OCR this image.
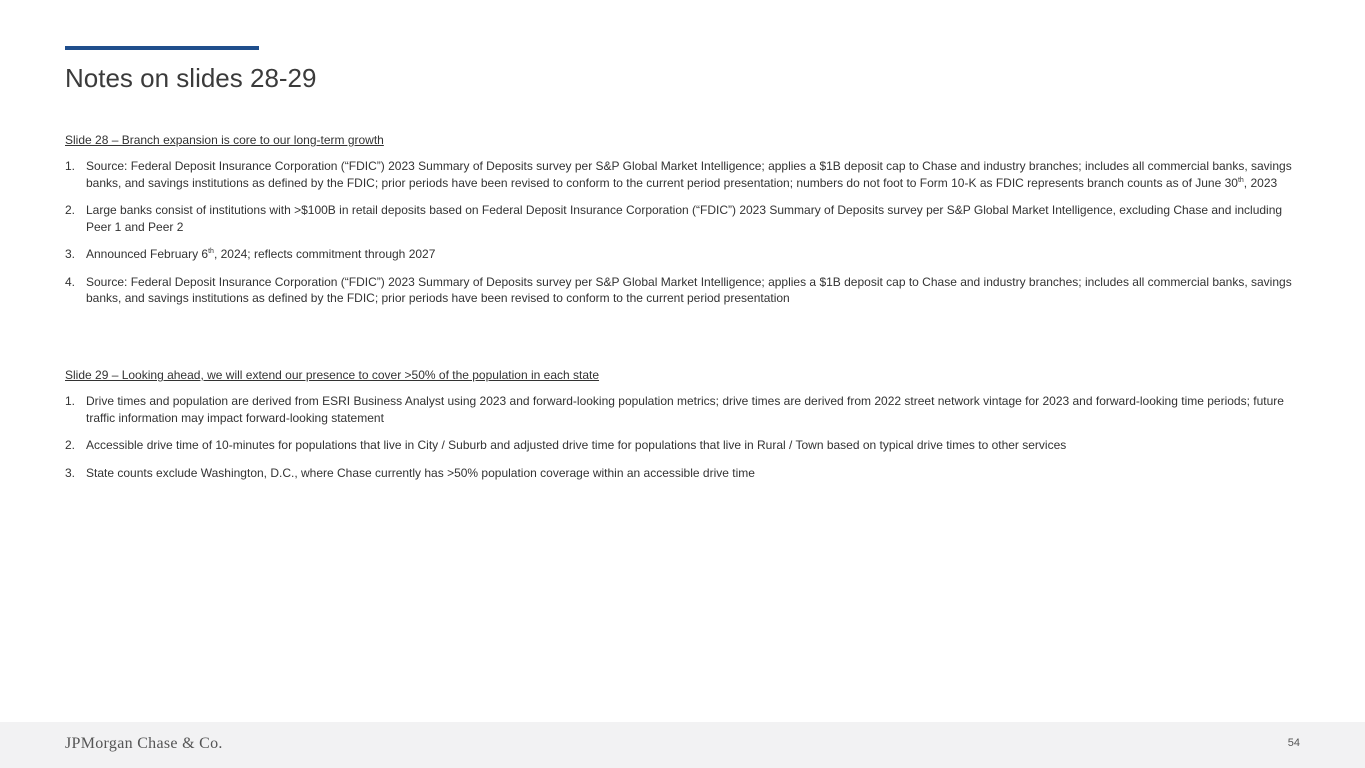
Notes on slides 28-29
Slide 28 – Branch expansion is core to our long-term growth
1. Source: Federal Deposit Insurance Corporation (“FDIC”) 2023 Summary of Deposits survey per S&P Global Market Intelligence; applies a $1B deposit cap to Chase and industry branches; includes all commercial banks, savings banks, and savings institutions as defined by the FDIC; prior periods have been revised to conform to the current period presentation; numbers do not foot to Form 10-K as FDIC represents branch counts as of June 30th, 2023
2. Large banks consist of institutions with >$100B in retail deposits based on Federal Deposit Insurance Corporation (“FDIC”) 2023 Summary of Deposits survey per S&P Global Market Intelligence, excluding Chase and including Peer 1 and Peer 2
3. Announced February 6th, 2024; reflects commitment through 2027
4. Source: Federal Deposit Insurance Corporation (“FDIC”) 2023 Summary of Deposits survey per S&P Global Market Intelligence; applies a $1B deposit cap to Chase and industry branches; includes all commercial banks, savings banks, and savings institutions as defined by the FDIC; prior periods have been revised to conform to the current period presentation
Slide 29 – Looking ahead, we will extend our presence to cover >50% of the population in each state
1. Drive times and population are derived from ESRI Business Analyst using 2023 and forward-looking population metrics; drive times are derived from 2022 street network vintage for 2023 and forward-looking time periods; future traffic information may impact forward-looking statement
2. Accessible drive time of 10-minutes for populations that live in City / Suburb and adjusted drive time for populations that live in Rural / Town based on typical drive times to other services
3. State counts exclude Washington, D.C., where Chase currently has >50% population coverage within an accessible drive time
JPMorgan Chase & Co.	54
